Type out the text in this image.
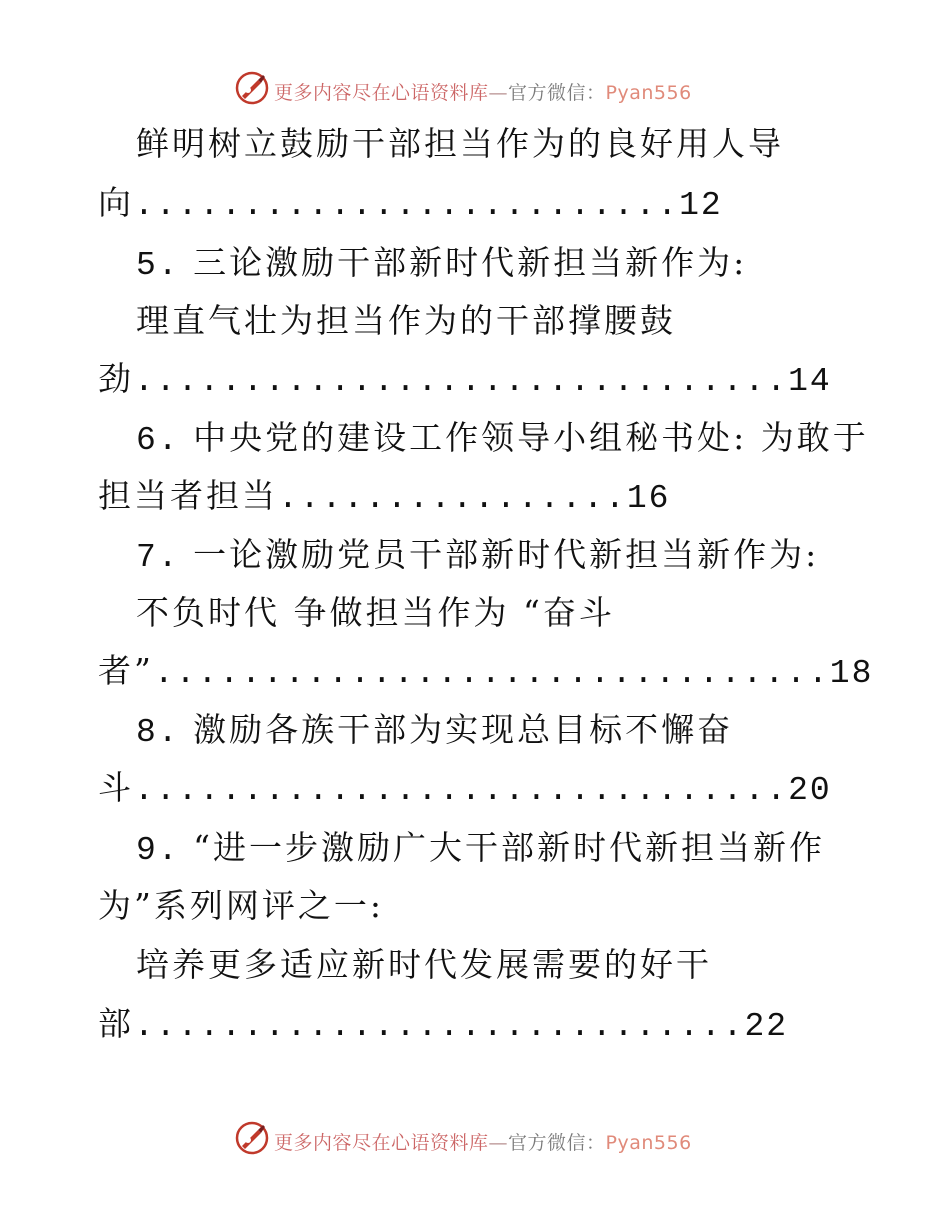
更多内容尽在心语资料库—官方微信：Pyan556
鲜明树立鼓励干部担当作为的良好用人导
向.........................12
5. 三论激励干部新时代新担当新作为:
理直气壮为担当作为的干部撑腰鼓
劲..............................14
6. 中央党的建设工作领导小组秘书处: 为敢于
担当者担当................16
7. 一论激励党员干部新时代新担当新作为:
不负时代 争做担当作为 “奋斗
者”...............................18
8. 激励各族干部为实现总目标不懈奋
斗..............................20
9. “进一步激励广大干部新时代新担当新作
为”系列网评之一:
培养更多适应新时代发展需要的好干
部............................22
更多内容尽在心语资料库—官方微信：Pyan556
